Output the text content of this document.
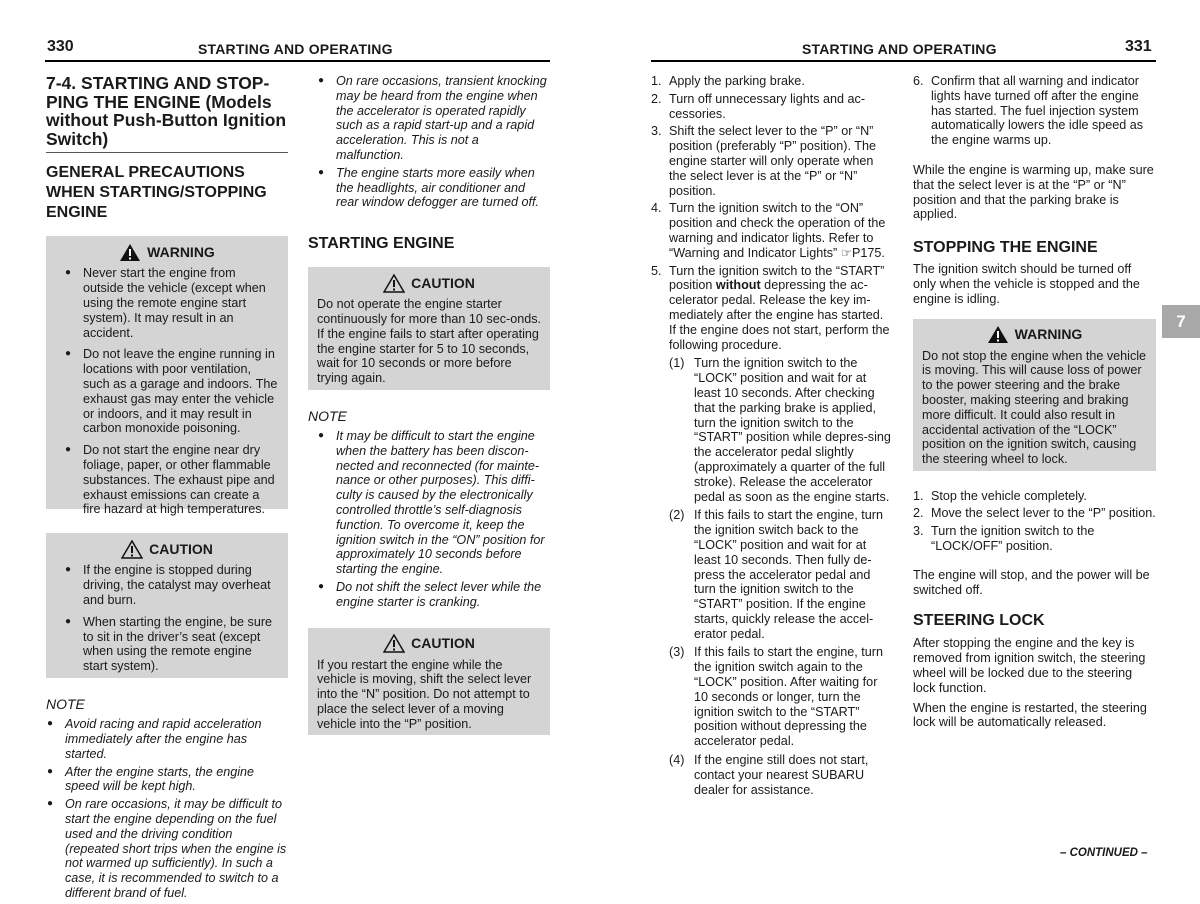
330	STARTING AND OPERATING	STARTING AND OPERATING	331
7-4. STARTING AND STOP-PING THE ENGINE (Models without Push-Button Ignition Switch)
GENERAL PRECAUTIONS WHEN STARTING/STOPPING ENGINE
WARNING
● Never start the engine from outside the vehicle (except when using the remote engine start system). It may result in an accident.
● Do not leave the engine running in locations with poor ventilation, such as a garage and indoors. The exhaust gas may enter the vehicle or indoors, and it may result in carbon monoxide poisoning.
● Do not start the engine near dry foliage, paper, or other flammable substances. The exhaust pipe and exhaust emissions can create a fire hazard at high temperatures.
CAUTION
● If the engine is stopped during driving, the catalyst may overheat and burn.
● When starting the engine, be sure to sit in the driver’s seat (except when using the remote engine start system).
NOTE
● Avoid racing and rapid acceleration immediately after the engine has started.
● After the engine starts, the engine speed will be kept high.
● On rare occasions, it may be difficult to start the engine depending on the fuel used and the driving condition (repeated short trips when the engine is not warmed up sufficiently). In such a case, it is recommended to switch to a different brand of fuel.
● On rare occasions, transient knocking may be heard from the engine when the accelerator is operated rapidly such as a rapid start-up and a rapid acceleration. This is not a malfunction.
● The engine starts more easily when the headlights, air conditioner and rear window defogger are turned off.
STARTING ENGINE
CAUTION

Do not operate the engine starter continuously for more than 10 sec-onds. If the engine fails to start after operating the engine starter for 5 to 10 seconds, wait for 10 seconds or more before trying again.

NOTE
● It may be difficult to start the engine when the battery has been discon-nected and reconnected (for mainte-nance or other purposes). This diffi-culty is caused by the electronically controlled throttle’s self-diagnosis function. To overcome it, keep the ignition switch in the “ON” position for approximately 10 seconds before starting the engine.
● Do not shift the select lever while the engine starter is cranking.
CAUTION

If you restart the engine while the vehicle is moving, shift the select lever into the “N” position. Do not attempt to place the select lever of a moving vehicle into the “P” position.

1. Apply the parking brake.
2. Turn off unnecessary lights and ac-cessories.
3. Shift the select lever to the “P” or “N” position (preferably “P” position). The engine starter will only operate when the select lever is at the “P” or “N” position.
4. Turn the ignition switch to the “ON” position and check the operation of the warning and indicator lights. Refer to “Warning and Indicator Lights” ☞P175.
5. Turn the ignition switch to the “START” position without depressing the ac-celerator pedal. Release the key im-mediately after the engine has started. If the engine does not start, perform the following procedure.
(1) Turn the ignition switch to the “LOCK” position and wait for at least 10 seconds. After checking that the parking brake is applied, turn the ignition switch to the “START” position while depres-sing the accelerator pedal slightly (approximately a quarter of the full stroke). Release the accelerator pedal as soon as the engine starts.
(2) If this fails to start the engine, turn the ignition switch back to the “LOCK” position and wait for at least 10 seconds. Then fully de-press the accelerator pedal and turn the ignition switch to the “START” position. If the engine starts, quickly release the accel-erator pedal.
(3) If this fails to start the engine, turn the ignition switch again to the “LOCK” position. After waiting for 10 seconds or longer, turn the ignition switch to the “START” position without depressing the accelerator pedal.
(4) If the engine still does not start, contact your nearest SUBARU dealer for assistance.
6. Confirm that all warning and indicator lights have turned off after the engine has started. The fuel injection system automatically lowers the idle speed as the engine warms up.

While the engine is warming up, make sure that the select lever is at the “P” or “N” position and that the parking brake is applied.

STOPPING THE ENGINE

The ignition switch should be turned off only when the vehicle is stopped and the engine is idling.

WARNING

Do not stop the engine when the vehicle is moving. This will cause loss of power to the power steering and the brake booster, making steering and braking more difficult. It could also result in accidental activation of the “LOCK” position on the ignition switch, causing the steering wheel to lock.

1. Stop the vehicle completely.
2. Move the select lever to the “P” position.
3. Turn the ignition switch to the “LOCK/OFF” position.

The engine will stop, and the power will be switched off.

STEERING LOCK

After stopping the engine and the key is removed from ignition switch, the steering wheel will be locked due to the steering lock function.

When the engine is restarted, the steering lock will be automatically released.

7
– CONTINUED –
